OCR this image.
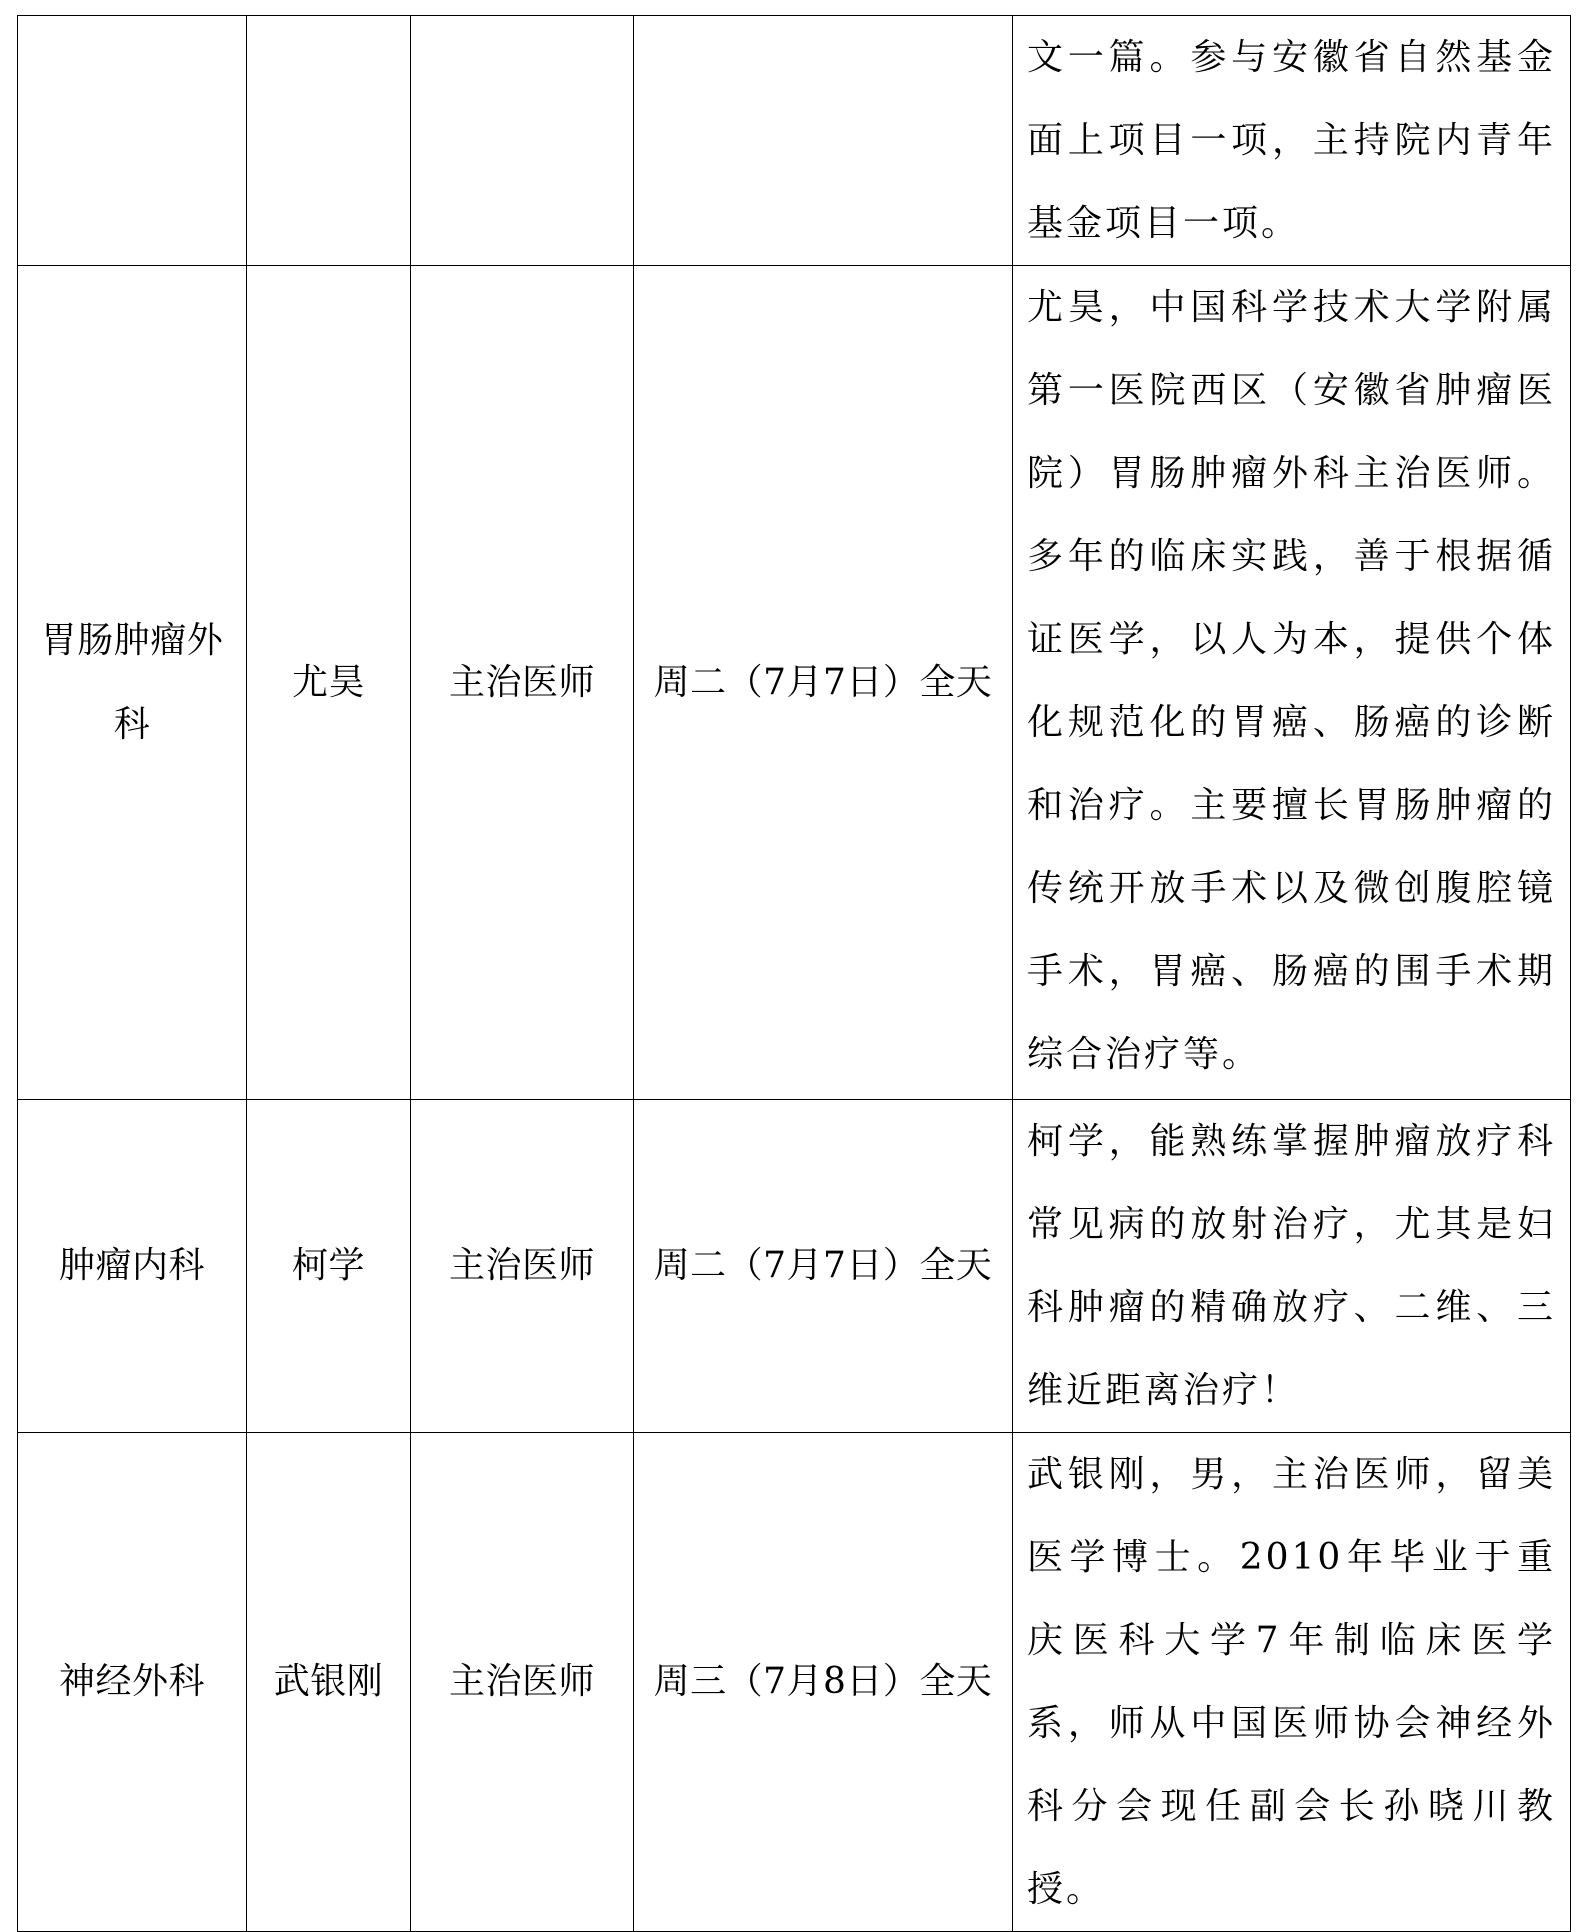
				文一篇。参与安徽省自然基金面上项目一项，主持院内青年基金项目一项。
胃肠肿瘤外科	尤昊	主治医师	周二（7月7日）全天	尤昊，中国科学技术大学附属第一医院西区（安徽省肿瘤医院）胃肠肿瘤外科主治医师。多年的临床实践，善于根据循证医学，以人为本，提供个体化规范化的胃癌、肠癌的诊断和治疗。主要擅长胃肠肿瘤的传统开放手术以及微创腹腔镜手术，胃癌、肠癌的围手术期综合治疗等。
肿瘤内科	柯学	主治医师	周二（7月7日）全天	柯学，能熟练掌握肿瘤放疗科常见病的放射治疗，尤其是妇科肿瘤的精确放疗、二维、三维近距离治疗！
神经外科	武银刚	主治医师	周三（7月8日）全天	武银刚，男，主治医师，留美医学博士。2010年毕业于重庆医科大学7年制临床医学系，师从中国医师协会神经外科分会现任副会长孙晓川教授。
